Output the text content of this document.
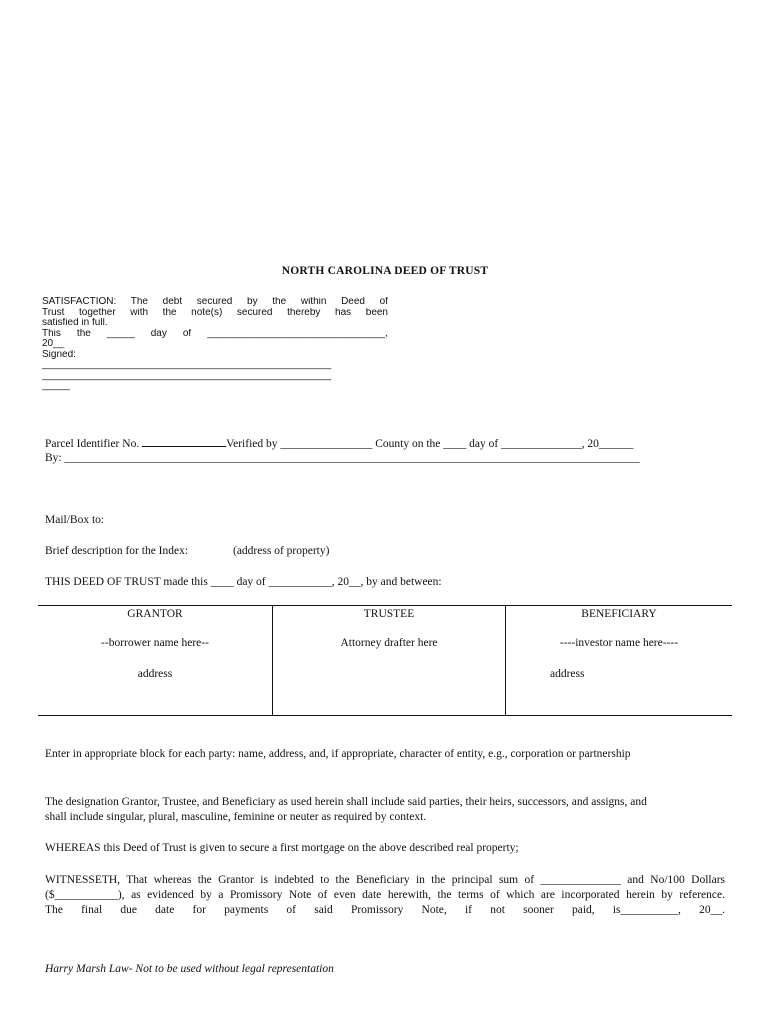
NORTH CAROLINA DEED OF TRUST
SATISFACTION: The debt secured by the within Deed of
Trust together with the note(s) secured thereby has been
satisfied in full.
This the _____ day of ________________________________,
20__
Signed:
____________________________________________________
____________________________________________________
_____
Parcel Identifier No.	Verified by ________________ County on the ____ day of ______________, 20______
By: ____________________________________________________________________________________________________
Mail/Box to:
Brief description for the Index:	(address of property)
THIS DEED OF TRUST made this ____ day of ___________, 20__, by and between:
GRANTOR	TRUSTEE	BENEFICIARY
--borrower name here--	Attorney drafter here	----investor name here----
address		address
Enter in appropriate block for each party: name, address, and, if appropriate, character of entity, e.g., corporation or partnership
The designation Grantor, Trustee, and Beneficiary as used herein shall include said parties, their heirs, successors, and assigns, and
shall include singular, plural, masculine, feminine or neuter as required by context.
WHEREAS this Deed of Trust is given to secure a first mortgage on the above described real property;
WITNESSETH, That whereas the Grantor is indebted to the Beneficiary in the principal sum of ______________ and No/100 Dollars
($___________), as evidenced by a Promissory Note of even date herewith, the terms of which are incorporated herein by reference.
The final due date for payments of said Promissory Note, if not sooner paid, is__________, 20__.
Harry Marsh Law- Not to be used without legal representation
